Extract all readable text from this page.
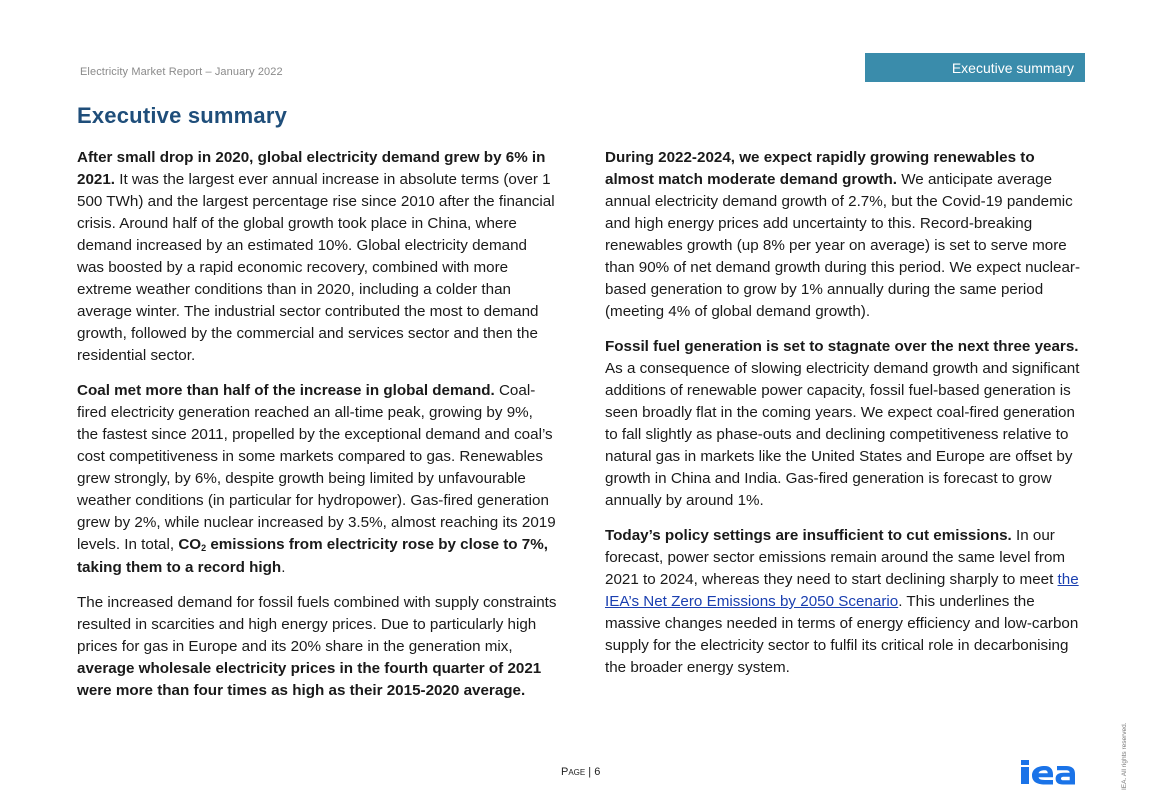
Electricity Market Report – January 2022	Executive summary
Executive summary

After small drop in 2020, global electricity demand grew by 6% in 2021. It was the largest ever annual increase in absolute terms (over 1 500 TWh) and the largest percentage rise since 2010 after the financial crisis. Around half of the global growth took place in China, where demand increased by an estimated 10%. Global electricity demand was boosted by a rapid economic recovery, combined with more extreme weather conditions than in 2020, including a colder than average winter. The industrial sector contributed the most to demand growth, followed by the commercial and services sector and then the residential sector.

Coal met more than half of the increase in global demand. Coal-fired electricity generation reached an all-time peak, growing by 9%, the fastest since 2011, propelled by the exceptional demand and coal’s cost competitiveness in some markets compared to gas. Renewables grew strongly, by 6%, despite growth being limited by unfavourable weather conditions (in particular for hydropower). Gas-fired generation grew by 2%, while nuclear increased by 3.5%, almost reaching its 2019 levels. In total, $CO_2$ emissions from electricity rose by close to 7%, taking them to a record high.

The increased demand for fossil fuels combined with supply constraints resulted in scarcities and high energy prices. Due to particularly high prices for gas in Europe and its 20% share in the generation mix, average wholesale electricity prices in the fourth quarter of 2021 were more than four times as high as their 2015-2020 average.

During 2022-2024, we expect rapidly growing renewables to almost match moderate demand growth. We anticipate average annual electricity demand growth of 2.7%, but the Covid-19 pandemic and high energy prices add uncertainty to this. Record-breaking renewables growth (up 8% per year on average) is set to serve more than 90% of net demand growth during this period. We expect nuclear-based generation to grow by 1% annually during the same period (meeting 4% of global demand growth).

Fossil fuel generation is set to stagnate over the next three years. As a consequence of slowing electricity demand growth and significant additions of renewable power capacity, fossil fuel-based generation is seen broadly flat in the coming years. We expect coal-fired generation to fall slightly as phase-outs and declining competitiveness relative to natural gas in markets like the United States and Europe are offset by growth in China and India. Gas-fired generation is forecast to grow annually by around 1%.

Today’s policy settings are insufficient to cut emissions. In our forecast, power sector emissions remain around the same level from 2021 to 2024, whereas they need to start declining sharply to meet the IEA’s Net Zero Emissions by 2050 Scenario. This underlines the massive changes needed in terms of energy efficiency and low-carbon supply for the electricity sector to fulfil its critical role in decarbonising the broader energy system.

Page | 6	IEA. All rights reserved.
